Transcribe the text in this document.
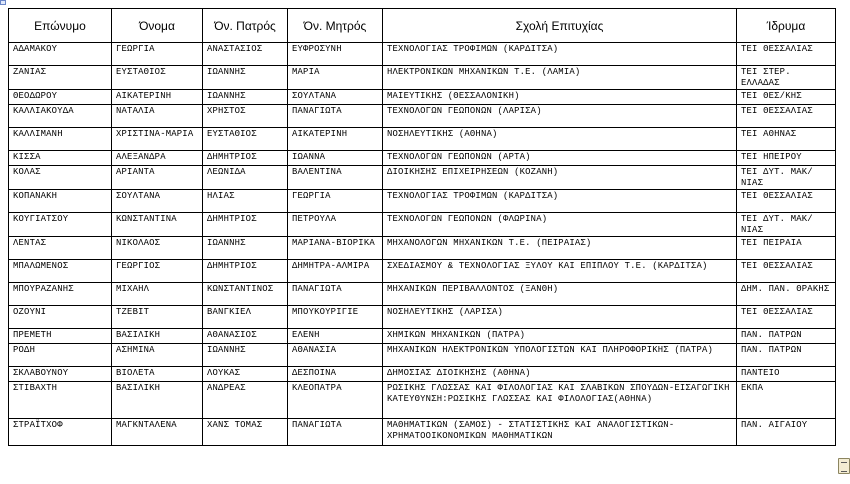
Επώνυμο	Όνομα	Όν. Πατρός	Όν. Μητρός	Σχολή Επιτυχίας	Ίδρυμα
ΑΔΑΜΑΚΟΥ	ΓΕΩΡΓΙΑ	ΑΝΑΣΤΑΣΙΟΣ	ΕΥΦΡΟΣΥΝΗ	ΤΕΧΝΟΛΟΓΙΑΣ ΤΡΟΦΙΜΩΝ (ΚΑΡΔΙΤΣΑ)	ΤΕΙ ΘΕΣΣΑΛΙΑΣ
ΖΑΝΙΑΣ	ΕΥΣΤΑΘΙΟΣ	ΙΩΑΝΝΗΣ	ΜΑΡΙΑ	ΗΛΕΚΤΡΟΝΙΚΩΝ ΜΗΧΑΝΙΚΩΝ Τ.Ε. (ΛΑΜΙΑ)	ΤΕΙ ΣΤΕΡ. ΕΛΛΑΔΑΣ
ΘΕΟΔΩΡΟΥ	ΑΙΚΑΤΕΡΙΝΗ	ΙΩΑΝΝΗΣ	ΣΟΥΛΤΑΝΑ	ΜΑΙΕΥΤΙΚΗΣ (ΘΕΣΣΑΛΟΝΙΚΗ)	ΤΕΙ ΘΕΣ/ΚΗΣ
ΚΑΛΛΙΑΚΟΥΔΑ	ΝΑΤΑΛΙΑ	ΧΡΗΣΤΟΣ	ΠΑΝΑΓΙΩΤΑ	ΤΕΧΝΟΛΟΓΩΝ ΓΕΩΠΟΝΩΝ (ΛΑΡΙΣΑ)	ΤΕΙ ΘΕΣΣΑΛΙΑΣ
ΚΑΛΛΙΜΑΝΗ	ΧΡΙΣΤΙΝΑ-ΜΑΡΙΑ	ΕΥΣΤΑΘΙΟΣ	ΑΙΚΑΤΕΡΙΝΗ	ΝΟΣΗΛΕΥΤΙΚΗΣ (ΑΘΗΝΑ)	ΤΕΙ ΑΘΗΝΑΣ
ΚΙΣΣΑ	ΑΛΕΞΑΝΔΡΑ	ΔΗΜΗΤΡΙΟΣ	ΙΩΑΝΝΑ	ΤΕΧΝΟΛΟΓΩΝ ΓΕΩΠΟΝΩΝ (ΑΡΤΑ)	ΤΕΙ ΗΠΕΙΡΟΥ
ΚΟΛΑΣ	ΑΡΙΑΝΤΑ	ΛΕΩΝΙΔΑ	ΒΑΛΕΝΤΙΝΑ	ΔΙΟΙΚΗΣΗΣ ΕΠΙΧΕΙΡΗΣΕΩΝ (ΚΟΖΑΝΗ)	ΤΕΙ ΔΥΤ. ΜΑΚ/ΝΙΑΣ
ΚΟΠΑΝΑΚΗ	ΣΟΥΛΤΑΝΑ	ΗΛΙΑΣ	ΓΕΩΡΓΙΑ	ΤΕΧΝΟΛΟΓΙΑΣ ΤΡΟΦΙΜΩΝ (ΚΑΡΔΙΤΣΑ)	ΤΕΙ ΘΕΣΣΑΛΙΑΣ
ΚΟΥΓΙΑΤΣΟΥ	ΚΩΝΣΤΑΝΤΙΝΑ	ΔΗΜΗΤΡΙΟΣ	ΠΕΤΡΟΥΛΑ	ΤΕΧΝΟΛΟΓΩΝ ΓΕΩΠΟΝΩΝ (ΦΛΩΡΙΝΑ)	ΤΕΙ ΔΥΤ. ΜΑΚ/ΝΙΑΣ
ΛΕΝΤΑΣ	ΝΙΚΟΛΑΟΣ	ΙΩΑΝΝΗΣ	ΜΑΡΙΑΝΑ-ΒΙΟΡΙΚΑ	ΜΗΧΑΝΟΛΟΓΩΝ ΜΗΧΑΝΙΚΩΝ Τ.Ε. (ΠΕΙΡΑΙΑΣ)	ΤΕΙ ΠΕΙΡΑΙΑ
ΜΠΑΛΩΜΕΝΟΣ	ΓΕΩΡΓΙΟΣ	ΔΗΜΗΤΡΙΟΣ	ΔΗΜΗΤΡΑ-ΑΛΜΙΡΑ	ΣΧΕΔΙΑΣΜΟΥ & ΤΕΧΝΟΛΟΓΙΑΣ ΞΥΛΟΥ ΚΑΙ ΕΠΙΠΛΟΥ Τ.Ε. (ΚΑΡΔΙΤΣΑ)	ΤΕΙ ΘΕΣΣΑΛΙΑΣ
ΜΠΟΥΡΑΖΑΝΗΣ	ΜΙΧΑΗΛ	ΚΩΝΣΤΑΝΤΙΝΟΣ	ΠΑΝΑΓΙΩΤΑ	ΜΗΧΑΝΙΚΩΝ ΠΕΡΙΒΑΛΛΟΝΤΟΣ (ΞΑΝΘΗ)	ΔΗΜ. ΠΑΝ. ΘΡΑΚΗΣ
ΟΖΟΥΝΙ	ΤΖΕΒΙΤ	ΒΑΝΓΚΙΕΛ	ΜΠΟΥΚΟΥΡΙΓΙΕ	ΝΟΣΗΛΕΥΤΙΚΗΣ (ΛΑΡΙΣΑ)	ΤΕΙ ΘΕΣΣΑΛΙΑΣ
ΠΡΕΜΕΤΗ	ΒΑΣΙΛΙΚΗ	ΑΘΑΝΑΣΙΟΣ	ΕΛΕΝΗ	ΧΗΜΙΚΩΝ ΜΗΧΑΝΙΚΩΝ (ΠΑΤΡΑ)	ΠΑΝ. ΠΑΤΡΩΝ
ΡΟΔΗ	ΑΣΗΜΙΝΑ	ΙΩΑΝΝΗΣ	ΑΘΑΝΑΣΙΑ	ΜΗΧΑΝΙΚΩΝ ΗΛΕΚΤΡΟΝΙΚΩΝ ΥΠΟΛΟΓΙΣΤΩΝ ΚΑΙ ΠΛΗΡΟΦΟΡΙΚΗΣ (ΠΑΤΡΑ)	ΠΑΝ. ΠΑΤΡΩΝ
ΣΚΛΑΒΟΥΝΟΥ	ΒΙΟΛΕΤΑ	ΛΟΥΚΑΣ	ΔΕΣΠΟΙΝΑ	ΔΗΜΟΣΙΑΣ ΔΙΟΙΚΗΣΗΣ (ΑΘΗΝΑ)	ΠΑΝΤΕΙΟ
ΣΤΙΒΑΧΤΗ	ΒΑΣΙΛΙΚΗ	ΑΝΔΡΕΑΣ	ΚΛΕΟΠΑΤΡΑ	ΡΩΣΙΚΗΣ ΓΛΩΣΣΑΣ ΚΑΙ ΦΙΛΟΛΟΓΙΑΣ ΚΑΙ ΣΛΑΒΙΚΩΝ ΣΠΟΥΔΩΝ-ΕΙΣΑΓΩΓΙΚΗ ΚΑΤΕΥΘΥΝΣΗ:ΡΩΣΙΚΗΣ ΓΛΩΣΣΑΣ ΚΑΙ ΦΙΛΟΛΟΓΙΑΣ(ΑΘΗΝΑ)	ΕΚΠΑ
ΣΤΡΑΪΤΧΟΦ	ΜΑΓΚΝΤΑΛΕΝΑ	ΧΑΝΣ ΤΟΜΑΣ	ΠΑΝΑΓΙΩΤΑ	ΜΑΘΗΜΑΤΙΚΩΝ (ΣΑΜΟΣ) - ΣΤΑΤΙΣΤΙΚΗΣ ΚΑΙ ΑΝΑΛΟΓΙΣΤΙΚΩΝ-ΧΡΗΜΑΤΟΟΙΚΟΝΟΜΙΚΩΝ ΜΑΘΗΜΑΤΙΚΩΝ	ΠΑΝ. ΑΙΓΑΙΟΥ
